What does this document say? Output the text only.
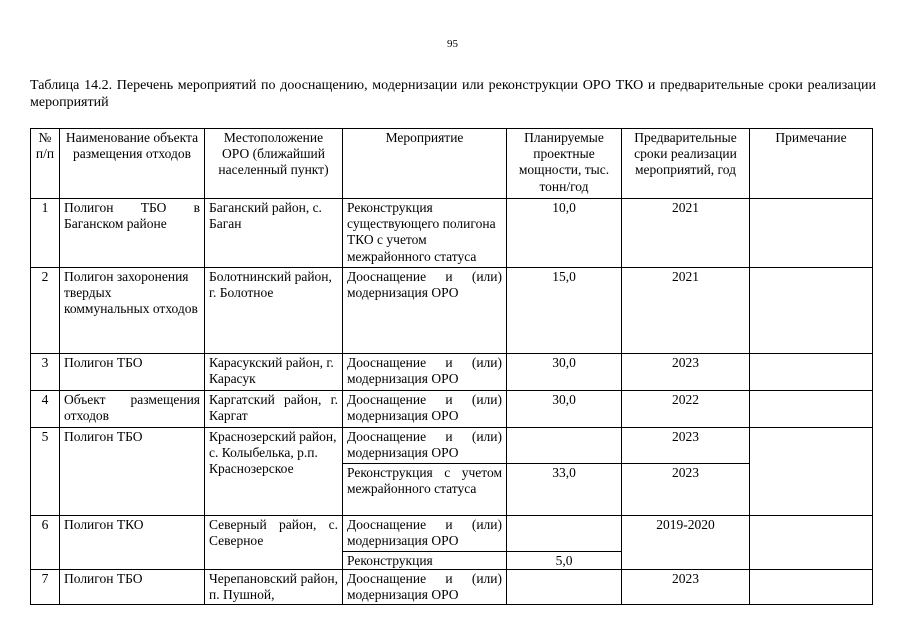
95
Таблица 14.2. Перечень мероприятий по дооснащению, модернизации или реконструкции ОРО ТКО и предварительные сроки реализации мероприятий
№ п/п	Наименование объекта размещения отходов	Местоположение ОРО (ближайший населенный пункт)	Мероприятие	Планируемые проектные мощности, тыс. тонн/год	Предварительные сроки реализации мероприятий, год	Примечание
1	Полигон ТБО в Баганском районе	Баганский район, с. Баган	Реконструкция существующего полигона ТКО с учетом межрайонного статуса	10,0	2021	
2	Полигон захоронения твердых коммунальных отходов	Болотнинский район, г. Болотное	Дооснащение и (или) модернизация ОРО	15,0	2021	
3	Полигон ТБО	Карасукский район, г. Карасук	Дооснащение и (или) модернизация ОРО	30,0	2023	
4	Объект размещения отходов	Каргатский район, г. Каргат	Дооснащение и (или) модернизация ОРО	30,0	2022	
5	Полигон ТБО	Краснозерский район, с. Колыбелька, р.п. Краснозерское	Дооснащение и (или) модернизация ОРО		2023	
			Реконструкция с учетом межрайонного статуса	33,0	2023	
6	Полигон ТКО	Северный район, с. Северное	Дооснащение и (или) модернизация ОРО		2019-2020	
			Реконструкция	5,0		
7	Полигон ТБО	Черепановский район, п. Пушной,	Дооснащение и (или) модернизация ОРО		2023	
